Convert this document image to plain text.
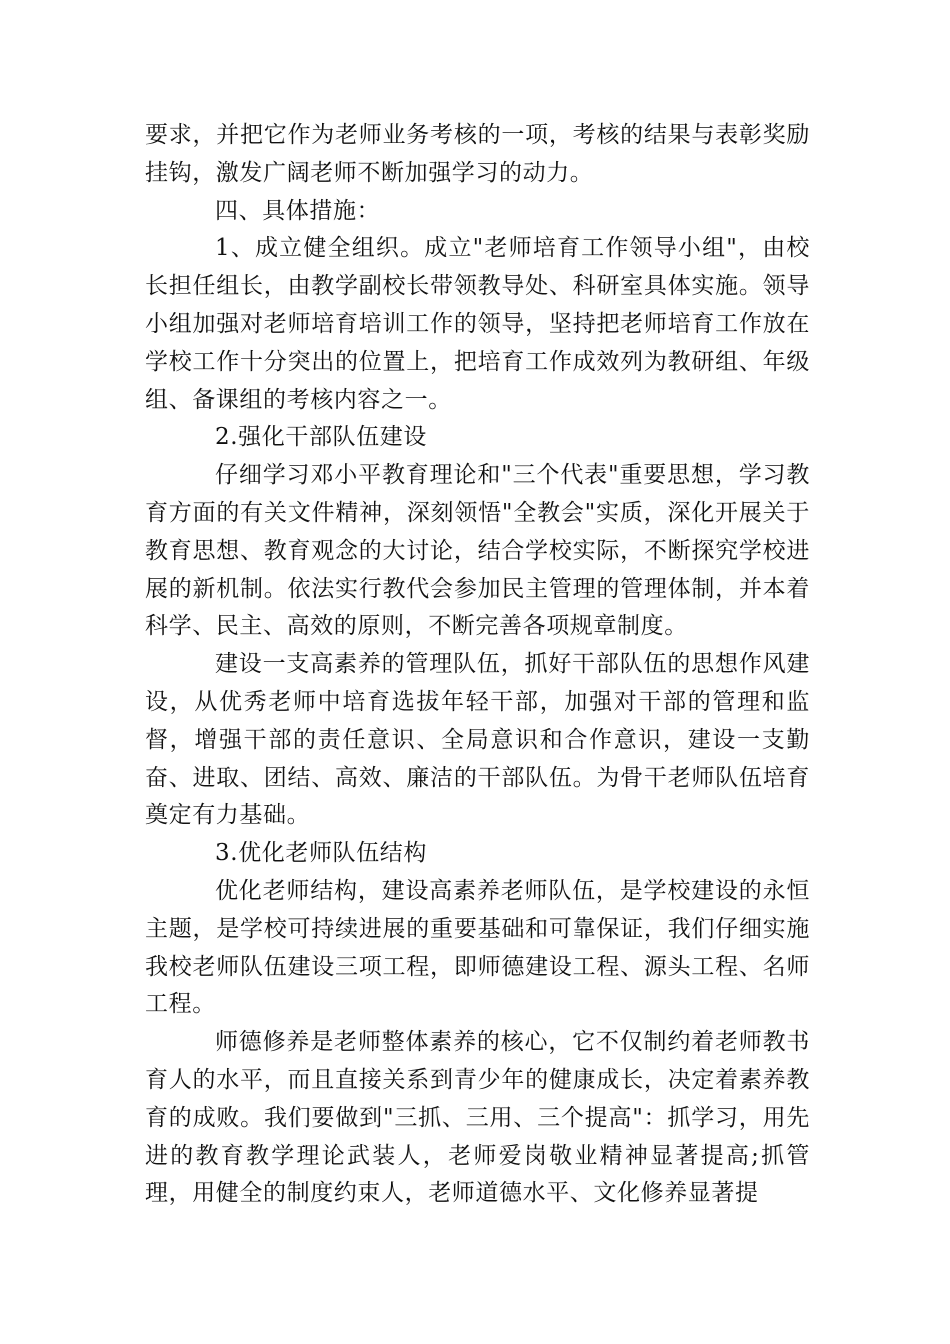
要求，并把它作为老师业务考核的一项，考核的结果与表彰奖励挂钩，激发广阔老师不断加强学习的动力。

四、具体措施：

1、成立健全组织。成立"老师培育工作领导小组"，由校长担任组长，由教学副校长带领教导处、科研室具体实施。领导小组加强对老师培育培训工作的领导，坚持把老师培育工作放在学校工作十分突出的位置上，把培育工作成效列为教研组、年级组、备课组的考核内容之一。

2.强化干部队伍建设

仔细学习邓小平教育理论和"三个代表"重要思想，学习教育方面的有关文件精神，深刻领悟"全教会"实质，深化开展关于教育思想、教育观念的大讨论，结合学校实际，不断探究学校进展的新机制。依法实行教代会参加民主管理的管理体制，并本着科学、民主、高效的原则，不断完善各项规章制度。

建设一支高素养的管理队伍，抓好干部队伍的思想作风建设，从优秀老师中培育选拔年轻干部，加强对干部的管理和监督，增强干部的责任意识、全局意识和合作意识，建设一支勤奋、进取、团结、高效、廉洁的干部队伍。为骨干老师队伍培育奠定有力基础。

3.优化老师队伍结构

优化老师结构，建设高素养老师队伍，是学校建设的永恒主题，是学校可持续进展的重要基础和可靠保证，我们仔细实施我校老师队伍建设三项工程，即师德建设工程、源头工程、名师工程。

师德修养是老师整体素养的核心，它不仅制约着老师教书育人的水平，而且直接关系到青少年的健康成长，决定着素养教育的成败。我们要做到"三抓、三用、三个提高"：抓学习，用先进的教育教学理论武装人，老师爱岗敬业精神显著提高;抓管理，用健全的制度约束人，老师道德水平、文化修养显著提
